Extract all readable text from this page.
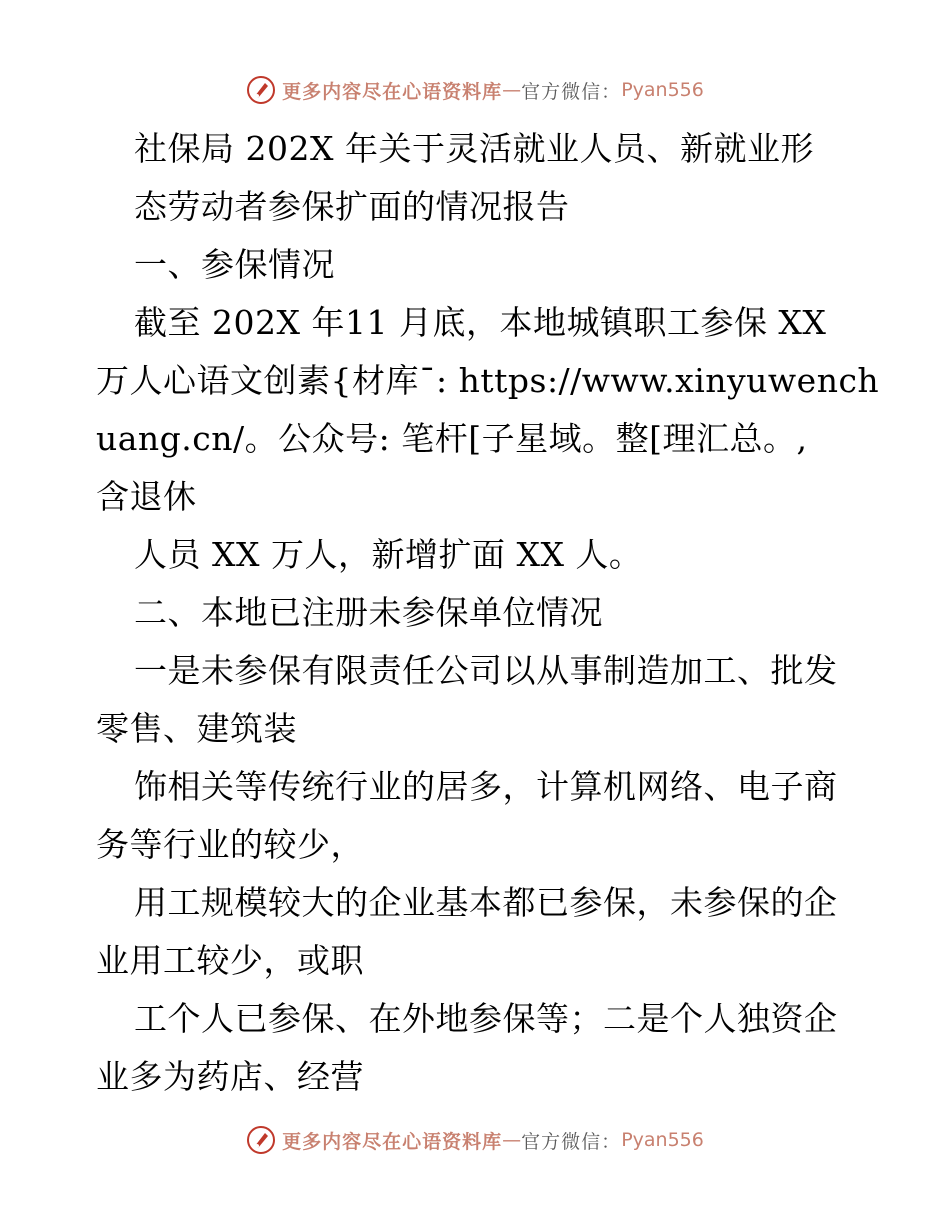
更多内容尽在心语资料库 — 官方微信： Pyan556
社保局 202X 年关于灵活就业人员、新就业形
态劳动者参保扩面的情况报告
一、参保情况
截至 202X 年11 月底，本地城镇职工参保 XX
万人心语文创素{材库¯: https://www.xinyuwench
uang.cn/。公众号: 笔杆[子星域。整[理汇总。,
含退休
人员 XX 万人，新增扩面 XX 人。
二、本地已注册未参保单位情况
一是未参保有限责任公司以从事制造加工、批发
零售、建筑装
饰相关等传统行业的居多，计算机网络、电子商
务等行业的较少，
用工规模较大的企业基本都已参保，未参保的企
业用工较少，或职
工个人已参保、在外地参保等；二是个人独资企
业多为药店、经营
更多内容尽在心语资料库 — 官方微信： Pyan556
